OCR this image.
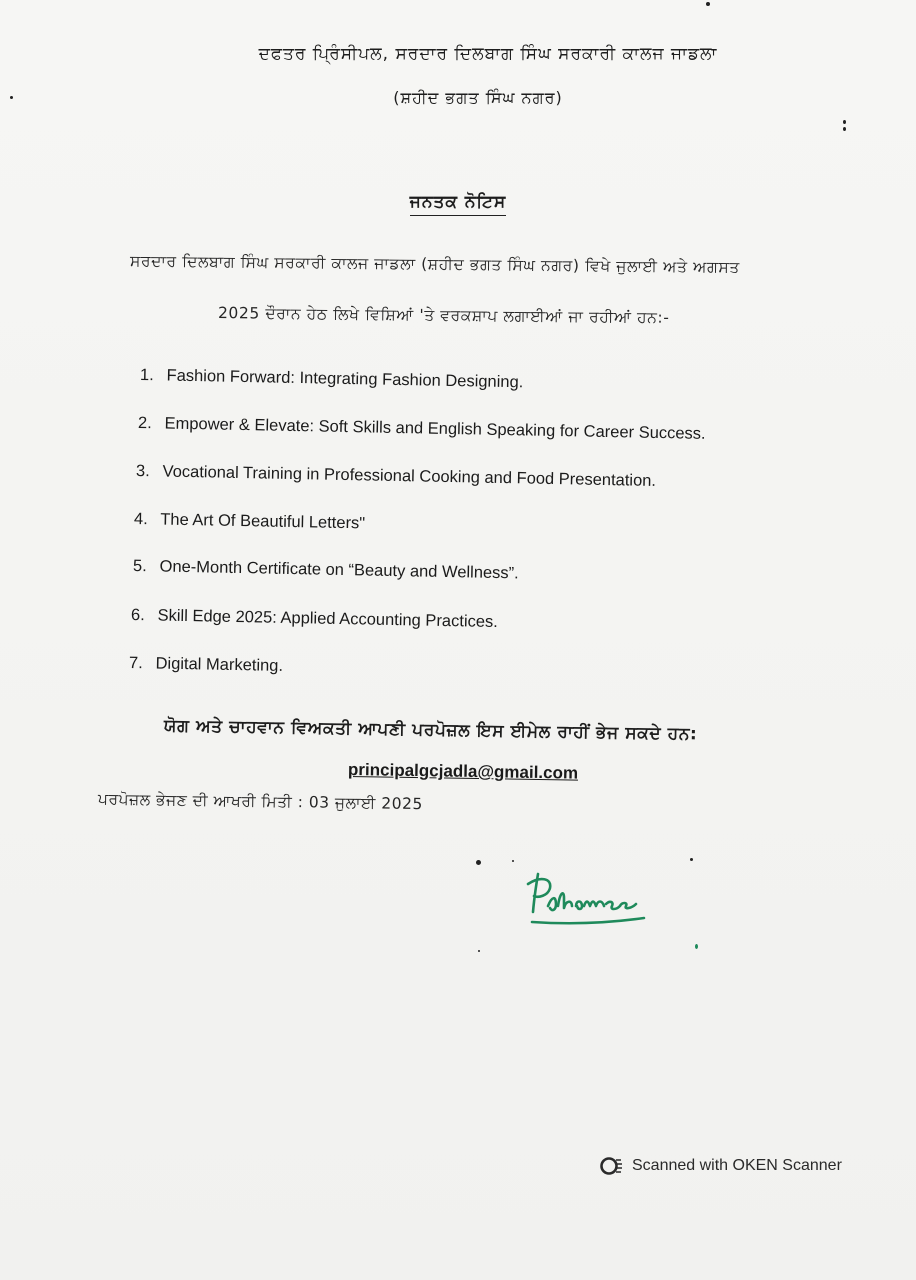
ਦਫਤਰ ਪ੍ਰਿੰਸੀਪਲ, ਸਰਦਾਰ ਦਿਲਬਾਗ ਸਿੰਘ ਸਰਕਾਰੀ ਕਾਲਜ ਜਾਡਲਾ
(ਸ਼ਹੀਦ ਭਗਤ ਸਿੰਘ ਨਗਰ)
ਜਨਤਕ ਨੋਟਿਸ
ਸਰਦਾਰ ਦਿਲਬਾਗ ਸਿੰਘ ਸਰਕਾਰੀ ਕਾਲਜ ਜਾਡਲਾ (ਸ਼ਹੀਦ ਭਗਤ ਸਿੰਘ ਨਗਰ) ਵਿਖੇ ਜੁਲਾਈ ਅਤੇ ਅਗਸਤ
2025 ਦੌਰਾਨ ਹੇਠ ਲਿਖੇ ਵਿਸ਼ਿਆਂ 'ਤੇ ਵਰਕਸ਼ਾਪ ਲਗਾਈਆਂ ਜਾ ਰਹੀਆਂ ਹਨ:-
1. Fashion Forward: Integrating Fashion Designing.
2. Empower & Elevate: Soft Skills and English Speaking for Career Success.
3. Vocational Training in Professional Cooking and Food Presentation.
4. The Art Of Beautiful Letters"
5. One-Month Certificate on “Beauty and Wellness”.
6. Skill Edge 2025: Applied Accounting Practices.
7. Digital Marketing.
ਯੋਗ ਅਤੇ ਚਾਹਵਾਨ ਵਿਅਕਤੀ ਆਪਣੀ ਪਰਪੋਜ਼ਲ ਇਸ ਈਮੇਲ ਰਾਹੀਂ ਭੇਜ ਸਕਦੇ ਹਨ:
principalgcjadla@gmail.com
ਪਰਪੋਜ਼ਲ ਭੇਜਣ ਦੀ ਆਖਰੀ ਮਿਤੀ : 03 ਜੁਲਾਈ 2025
Scanned with OKEN Scanner
